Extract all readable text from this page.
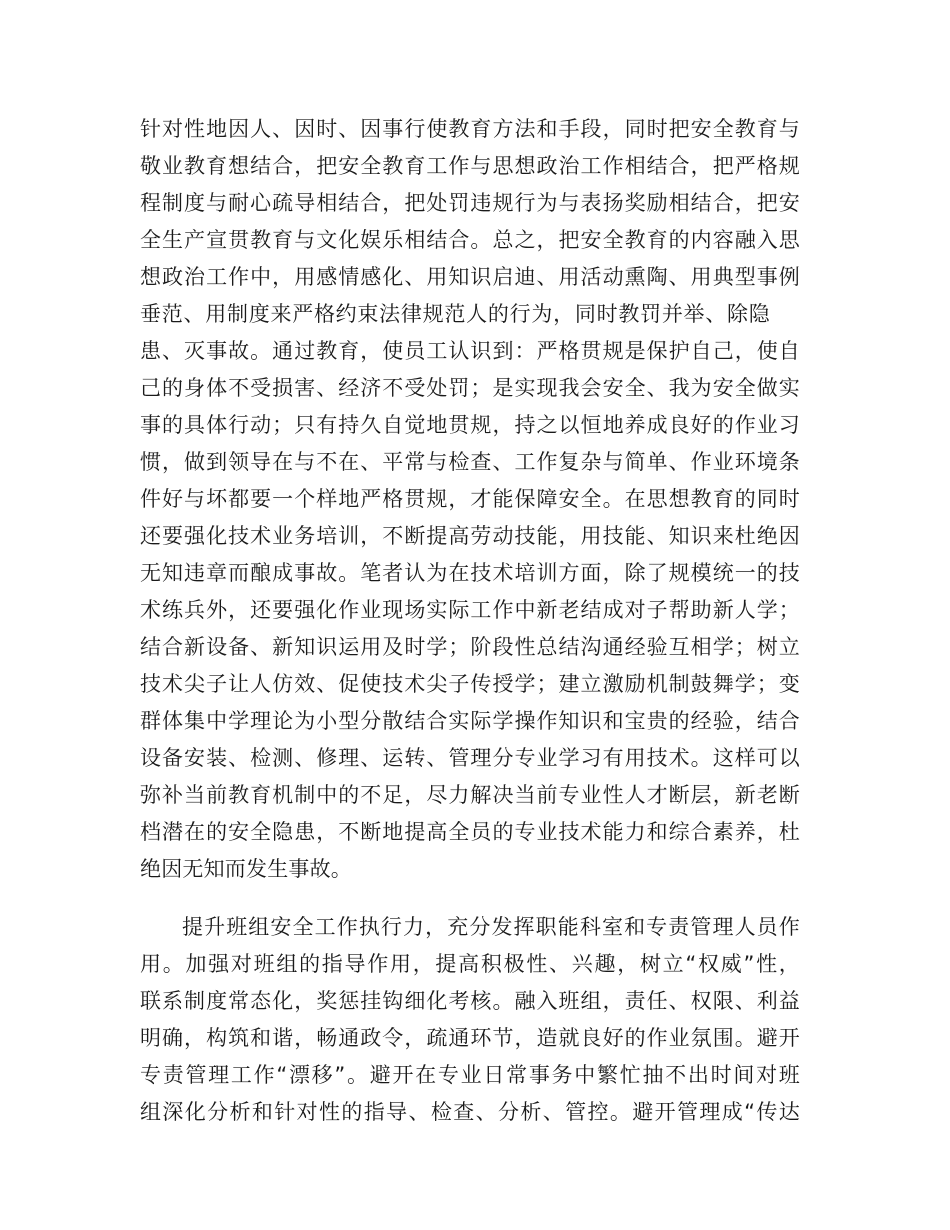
针对性地因人、因时、因事行使教育方法和手段，同时把安全教育与
敬业教育想结合，把安全教育工作与思想政治工作相结合，把严格规
程制度与耐心疏导相结合，把处罚违规行为与表扬奖励相结合，把安
全生产宣贯教育与文化娱乐相结合。总之，把安全教育的内容融入思
想政治工作中，用感情感化、用知识启迪、用活动熏陶、用典型事例
垂范、用制度来严格约束法律规范人的行为，同时教罚并举、除隐
患、灭事故。通过教育，使员工认识到：严格贯规是保护自己，使自
己的身体不受损害、经济不受处罚；是实现我会安全、我为安全做实
事的具体行动；只有持久自觉地贯规，持之以恒地养成良好的作业习
惯，做到领导在与不在、平常与检查、工作复杂与简单、作业环境条
件好与坏都要一个样地严格贯规，才能保障安全。在思想教育的同时
还要强化技术业务培训，不断提高劳动技能，用技能、知识来杜绝因
无知违章而酿成事故。笔者认为在技术培训方面，除了规模统一的技
术练兵外，还要强化作业现场实际工作中新老结成对子帮助新人学；
结合新设备、新知识运用及时学；阶段性总结沟通经验互相学；树立
技术尖子让人仿效、促使技术尖子传授学；建立激励机制鼓舞学；变
群体集中学理论为小型分散结合实际学操作知识和宝贵的经验，结合
设备安装、检测、修理、运转、管理分专业学习有用技术。这样可以
弥补当前教育机制中的不足，尽力解决当前专业性人才断层，新老断
档潜在的安全隐患，不断地提高全员的专业技术能力和综合素养，杜
绝因无知而发生事故。
提升班组安全工作执行力，充分发挥职能科室和专责管理人员作
用。加强对班组的指导作用，提高积极性、兴趣，树立“权威”性，
联系制度常态化，奖惩挂钩细化考核。融入班组，责任、权限、利益
明确，构筑和谐，畅通政令，疏通环节，造就良好的作业氛围。避开
专责管理工作“漂移”。避开在专业日常事务中繁忙抽不出时间对班
组深化分析和针对性的指导、检查、分析、管控。避开管理成“传达
